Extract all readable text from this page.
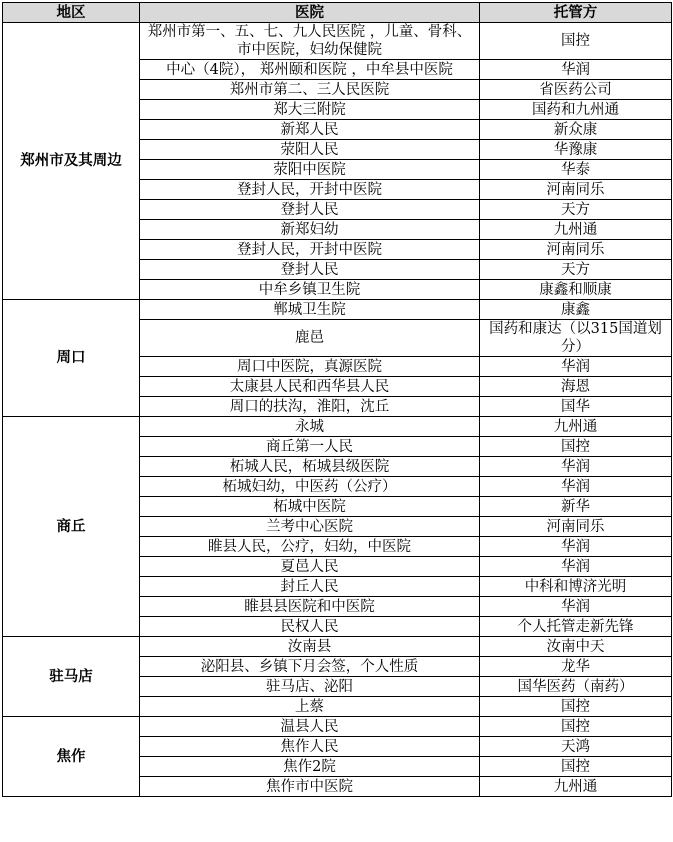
地区	医院	托管方
郑州市及其周边	郑州市第一、五、七、九人民医院 ，儿童、骨科、市中医院，妇幼保健院	国控
	中心（4院）， 郑州颐和医院 ，中牟县中医院	华润
	郑州市第二、三人民医院	省医药公司
	郑大三附院	国药和九州通
	新郑人民	新众康
	荥阳人民	华豫康
	荥阳中医院	华泰
	登封人民，开封中医院	河南同乐
	登封人民	天方
	新郑妇幼	九州通
	登封人民，开封中医院	河南同乐
	登封人民	天方
	中牟乡镇卫生院	康鑫和顺康
周口	郸城卫生院	康鑫
	鹿邑	国药和康达（以315国道划分）
	周口中医院，真源医院	华润
	太康县人民和西华县人民	海恩
	周口的扶沟，淮阳，沈丘	国华
商丘	永城	九州通
	商丘第一人民	国控
	柘城人民，柘城县级医院	华润
	柘城妇幼，中医药（公疗）	华润
	柘城中医院	新华
	兰考中心医院	河南同乐
	睢县人民，公疗，妇幼，中医院	华润
	夏邑人民	华润
	封丘人民	中科和博济光明
	睢县县医院和中医院	华润
	民权人民	个人托管走新先锋
驻马店	汝南县	汝南中天
	泌阳县、乡镇下月会签，个人性质	龙华
	驻马店、泌阳	国华医药（南药）
	上蔡	国控
焦作	温县人民	国控
	焦作人民	天鸿
	焦作2院	国控
	焦作市中医院	九州通
